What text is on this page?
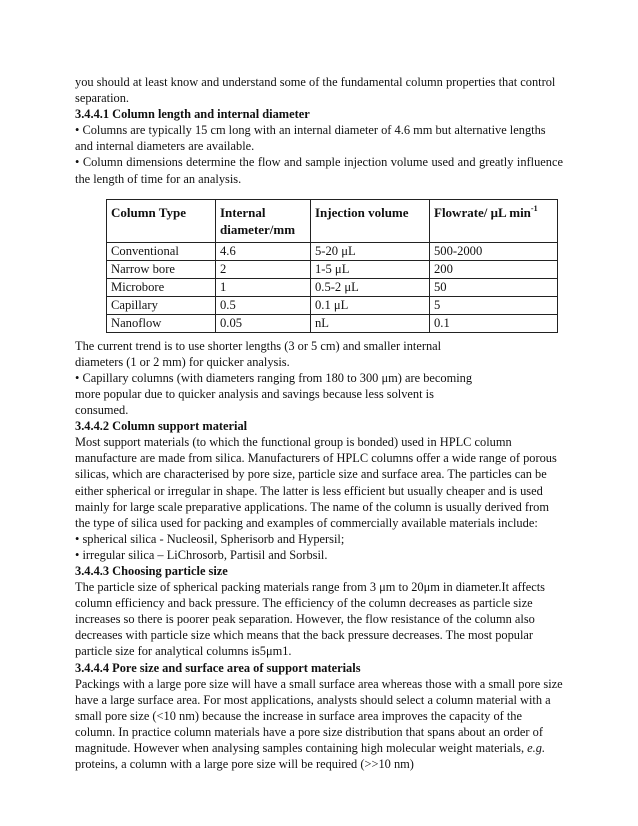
you should at least know and understand some of the fundamental column properties that control separation.

3.4.4.1 Column length and internal diameter

• Columns are typically 15 cm long with an internal diameter of 4.6 mm but alternative lengths and internal diameters are available.

• Column dimensions determine the flow and sample injection volume used and greatly influence the length of time for an analysis.

Column Type	Internal diameter/mm	Injection volume	Flowrate/ μL $\min^{-1}$
Conventional	4.6	5-20 μL	500-2000
Narrow bore	2	1-5 μL	200
Microbore	1	0.5-2 μL	50
Capillary	0.5	0.1 μL	5
Nanoflow	0.05	nL	0.1

The current trend is to use shorter lengths (3 or 5 cm) and smaller internal diameters (1 or 2 mm) for quicker analysis.

• Capillary columns (with diameters ranging from 180 to 300 μm) are becoming more popular due to quicker analysis and savings because less solvent is consumed.

3.4.4.2 Column support material

Most support materials (to which the functional group is bonded) used in HPLC column manufacture are made from silica. Manufacturers of HPLC columns offer a wide range of porous silicas, which are characterised by pore size, particle size and surface area. The particles can be either spherical or irregular in shape. The latter is less efficient but usually cheaper and is used mainly for large scale preparative applications. The name of the column is usually derived from the type of silica used for packing and examples of commercially available materials include:

• spherical silica - Nucleosil, Spherisorb and Hypersil;

• irregular silica – LiChrosorb, Partisil and Sorbsil.

3.4.4.3 Choosing particle size

The particle size of spherical packing materials range from 3 μm to 20μm in diameter.It affects column efficiency and back pressure. The efficiency of the column decreases as particle size increases so there is poorer peak separation. However, the flow resistance of the column also decreases with particle size which means that the back pressure decreases. The most popular particle size for analytical columns is5μm1.

3.4.4.4 Pore size and surface area of support materials

Packings with a large pore size will have a small surface area whereas those with a small pore size have a large surface area. For most applications, analysts should select a column material with a small pore size (<10 nm) because the increase in surface area improves the capacity of the column. In practice column materials have a pore size distribution that spans about an order of magnitude. However when analysing samples containing high molecular weight materials, e.g. proteins, a column with a large pore size will be required (>>10 nm)
